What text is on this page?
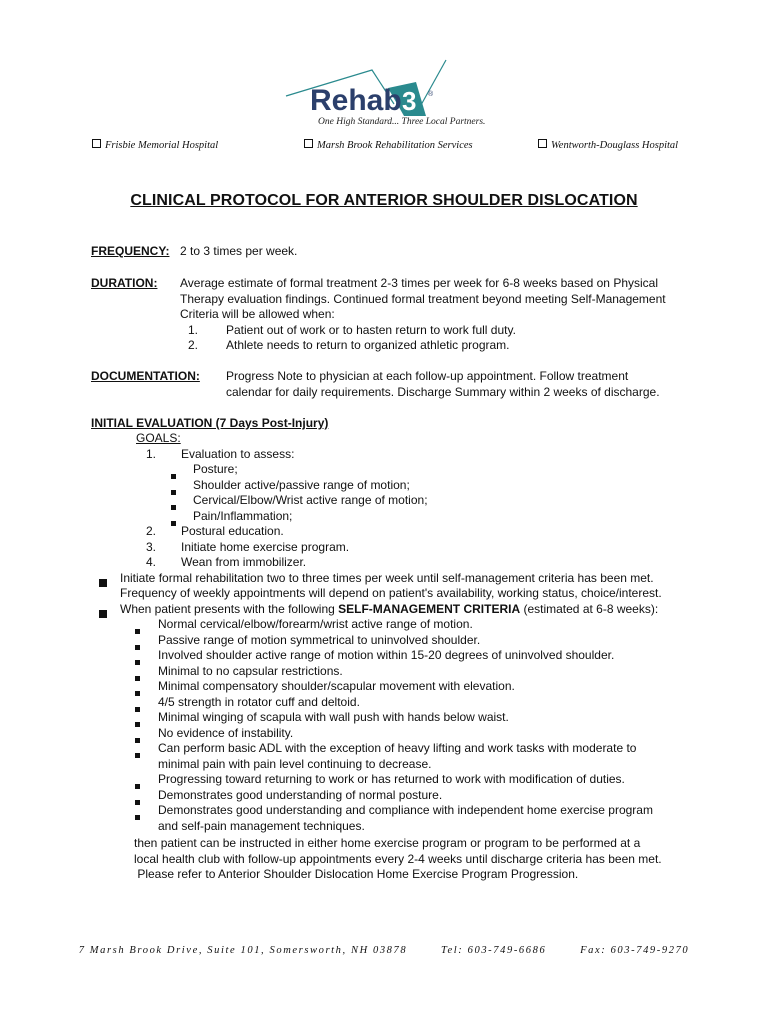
Rehab 3 ®
One High Standard... Three Local Partners.
Frisbie Memorial Hospital	Marsh Brook Rehabilitation Services	Wentworth-Douglass Hospital
CLINICAL PROTOCOL FOR ANTERIOR SHOULDER DISLOCATION
FREQUENCY: 2 to 3 times per week.
DURATION: Average estimate of formal treatment 2-3 times per week for 6-8 weeks based on Physical
Therapy evaluation findings. Continued formal treatment beyond meeting Self-Management
Criteria will be allowed when:
1. Patient out of work or to hasten return to work full duty.
2. Athlete needs to return to organized athletic program.
DOCUMENTATION: Progress Note to physician at each follow-up appointment. Follow treatment
calendar for daily requirements. Discharge Summary within 2 weeks of discharge.
INITIAL EVALUATION (7 Days Post-Injury)
GOALS:
1. Evaluation to assess:
Posture;
Shoulder active/passive range of motion;
Cervical/Elbow/Wrist active range of motion;
Pain/Inflammation;
2. Postural education.
3. Initiate home exercise program.
4. Wean from immobilizer.
Initiate formal rehabilitation two to three times per week until self-management criteria has been met.
Frequency of weekly appointments will depend on patient's availability, working status, choice/interest.
When patient presents with the following SELF-MANAGEMENT CRITERIA (estimated at 6-8 weeks):
Normal cervical/elbow/forearm/wrist active range of motion.
Passive range of motion symmetrical to uninvolved shoulder.
Involved shoulder active range of motion within 15-20 degrees of uninvolved shoulder.
Minimal to no capsular restrictions.
Minimal compensatory shoulder/scapular movement with elevation.
4/5 strength in rotator cuff and deltoid.
Minimal winging of scapula with wall push with hands below waist.
No evidence of instability.
Can perform basic ADL with the exception of heavy lifting and work tasks with moderate to
minimal pain with pain level continuing to decrease.
Progressing toward returning to work or has returned to work with modification of duties.
Demonstrates good understanding of normal posture.
Demonstrates good understanding and compliance with independent home exercise program
and self-pain management techniques.
then patient can be instructed in either home exercise program or program to be performed at a
local health club with follow-up appointments every 2-4 weeks until discharge criteria has been met.
Please refer to Anterior Shoulder Dislocation Home Exercise Program Progression.
7 Marsh Brook Drive, Suite 101, Somersworth, NH 03878	Tel: 603-749-6686	Fax: 603-749-9270
